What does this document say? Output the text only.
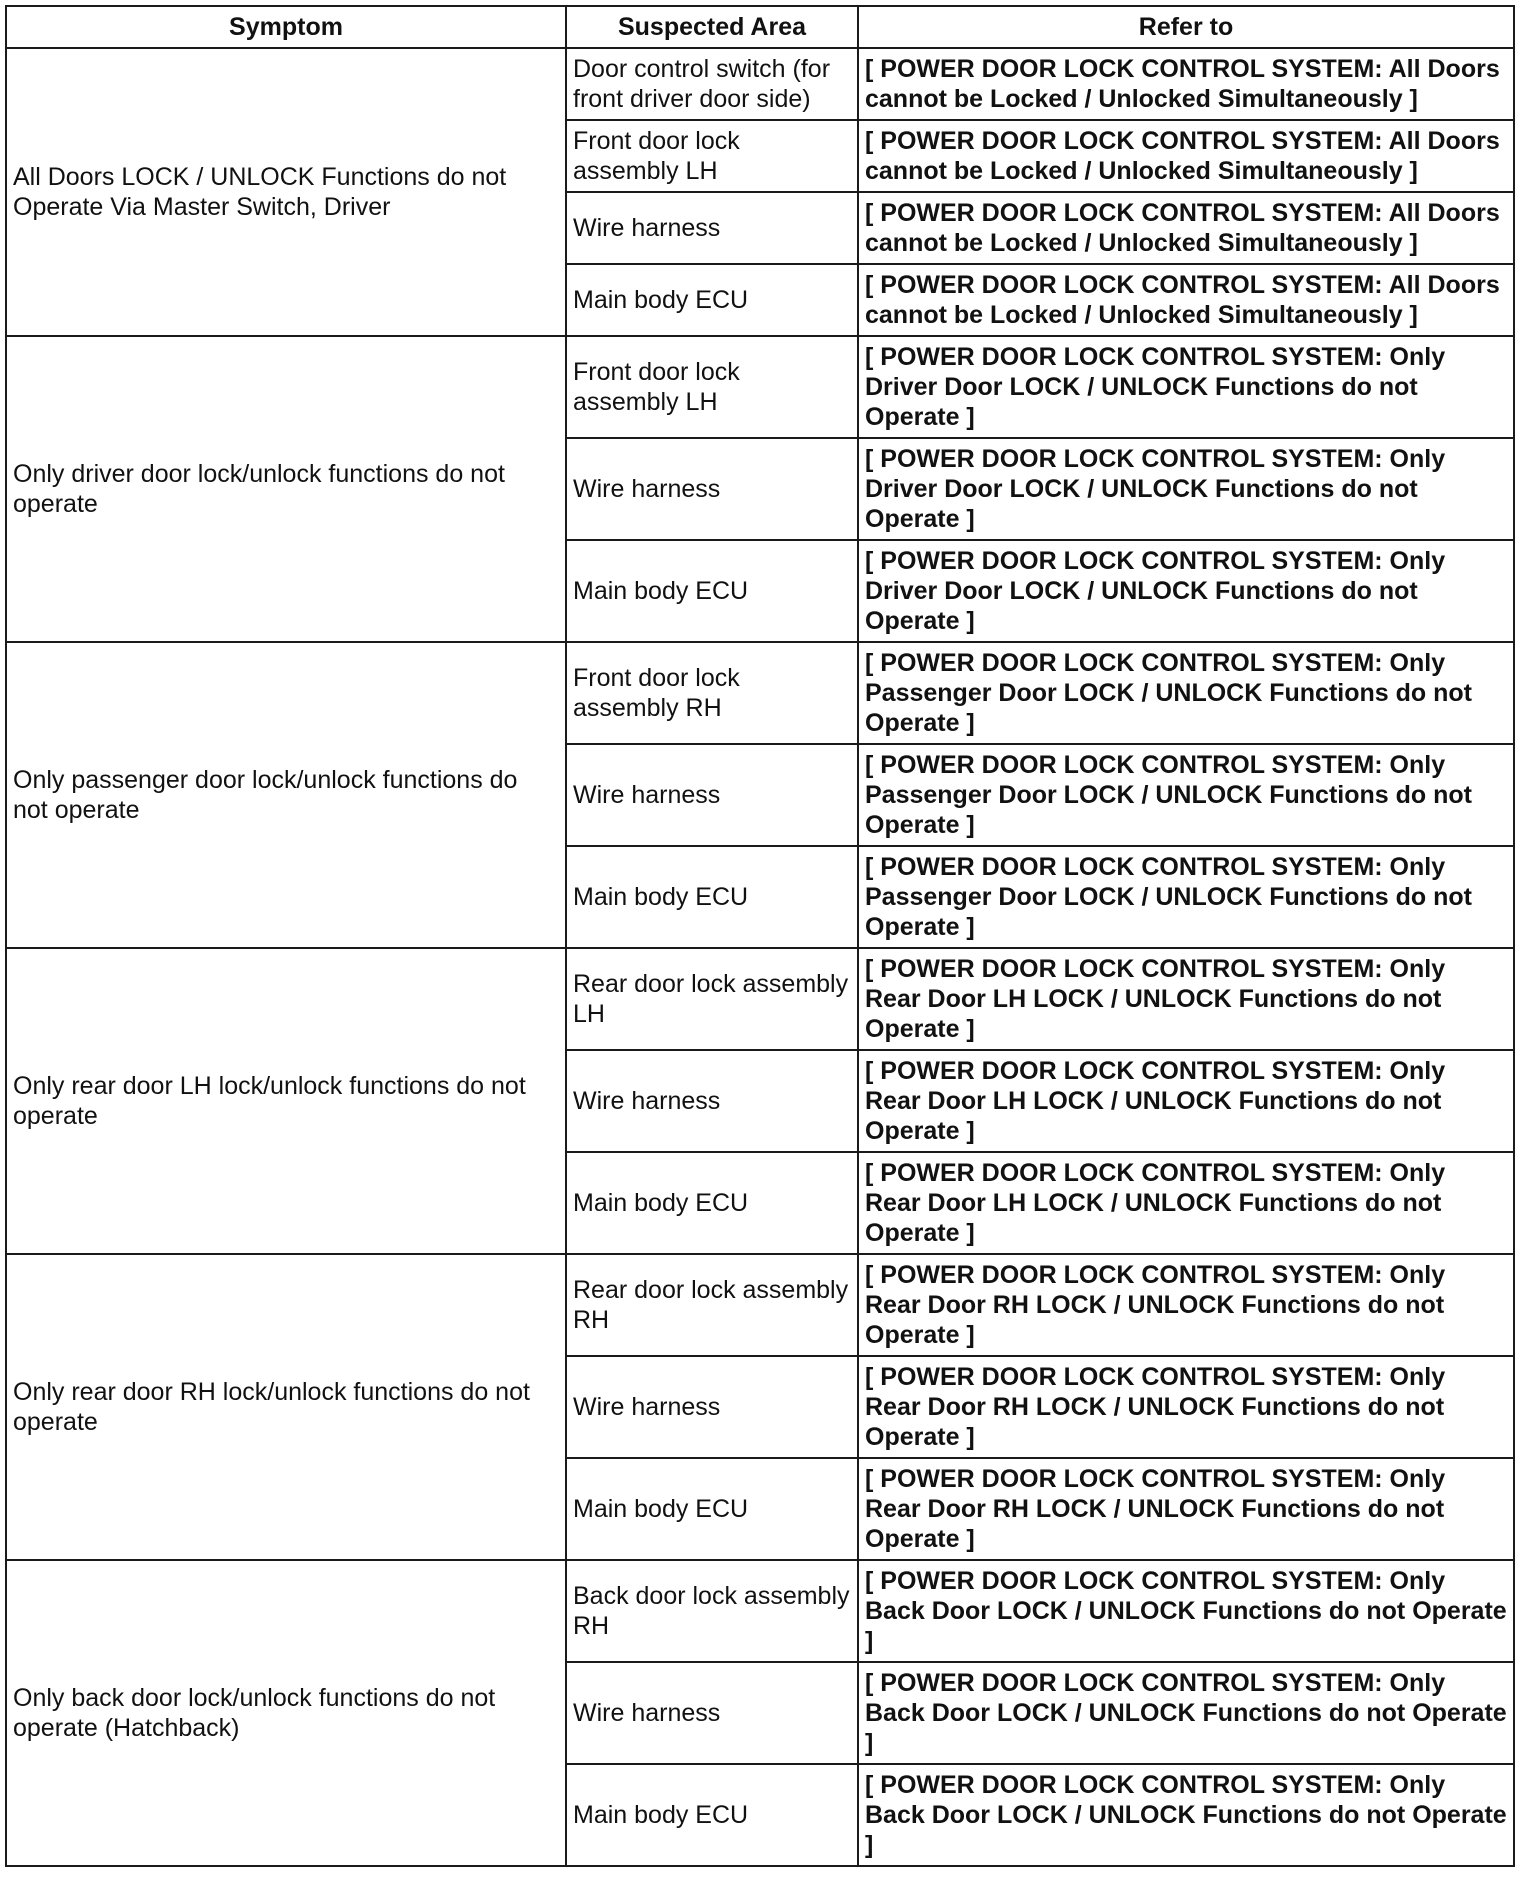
Symptom	Suspected Area	Refer to
All Doors LOCK / UNLOCK Functions do not Operate Via Master Switch, Driver	Door control switch (for front driver door side)	[ POWER DOOR LOCK CONTROL SYSTEM: All Doors cannot be Locked / Unlocked Simultaneously ]
	Front door lock assembly LH	[ POWER DOOR LOCK CONTROL SYSTEM: All Doors cannot be Locked / Unlocked Simultaneously ]
	Wire harness	[ POWER DOOR LOCK CONTROL SYSTEM: All Doors cannot be Locked / Unlocked Simultaneously ]
	Main body ECU	[ POWER DOOR LOCK CONTROL SYSTEM: All Doors cannot be Locked / Unlocked Simultaneously ]
Only driver door lock/unlock functions do not operate	Front door lock assembly LH	[ POWER DOOR LOCK CONTROL SYSTEM: Only Driver Door LOCK / UNLOCK Functions do not Operate ]
	Wire harness	[ POWER DOOR LOCK CONTROL SYSTEM: Only Driver Door LOCK / UNLOCK Functions do not Operate ]
	Main body ECU	[ POWER DOOR LOCK CONTROL SYSTEM: Only Driver Door LOCK / UNLOCK Functions do not Operate ]
Only passenger door lock/unlock functions do not operate	Front door lock assembly RH	[ POWER DOOR LOCK CONTROL SYSTEM: Only Passenger Door LOCK / UNLOCK Functions do not Operate ]
	Wire harness	[ POWER DOOR LOCK CONTROL SYSTEM: Only Passenger Door LOCK / UNLOCK Functions do not Operate ]
	Main body ECU	[ POWER DOOR LOCK CONTROL SYSTEM: Only Passenger Door LOCK / UNLOCK Functions do not Operate ]
Only rear door LH lock/unlock functions do not operate	Rear door lock assembly LH	[ POWER DOOR LOCK CONTROL SYSTEM: Only Rear Door LH LOCK / UNLOCK Functions do not Operate ]
	Wire harness	[ POWER DOOR LOCK CONTROL SYSTEM: Only Rear Door LH LOCK / UNLOCK Functions do not Operate ]
	Main body ECU	[ POWER DOOR LOCK CONTROL SYSTEM: Only Rear Door LH LOCK / UNLOCK Functions do not Operate ]
Only rear door RH lock/unlock functions do not operate	Rear door lock assembly RH	[ POWER DOOR LOCK CONTROL SYSTEM: Only Rear Door RH LOCK / UNLOCK Functions do not Operate ]
	Wire harness	[ POWER DOOR LOCK CONTROL SYSTEM: Only Rear Door RH LOCK / UNLOCK Functions do not Operate ]
	Main body ECU	[ POWER DOOR LOCK CONTROL SYSTEM: Only Rear Door RH LOCK / UNLOCK Functions do not Operate ]
Only back door lock/unlock functions do not operate (Hatchback)	Back door lock assembly RH	[ POWER DOOR LOCK CONTROL SYSTEM: Only Back Door LOCK / UNLOCK Functions do not Operate ]
	Wire harness	[ POWER DOOR LOCK CONTROL SYSTEM: Only Back Door LOCK / UNLOCK Functions do not Operate ]
	Main body ECU	[ POWER DOOR LOCK CONTROL SYSTEM: Only Back Door LOCK / UNLOCK Functions do not Operate ]
